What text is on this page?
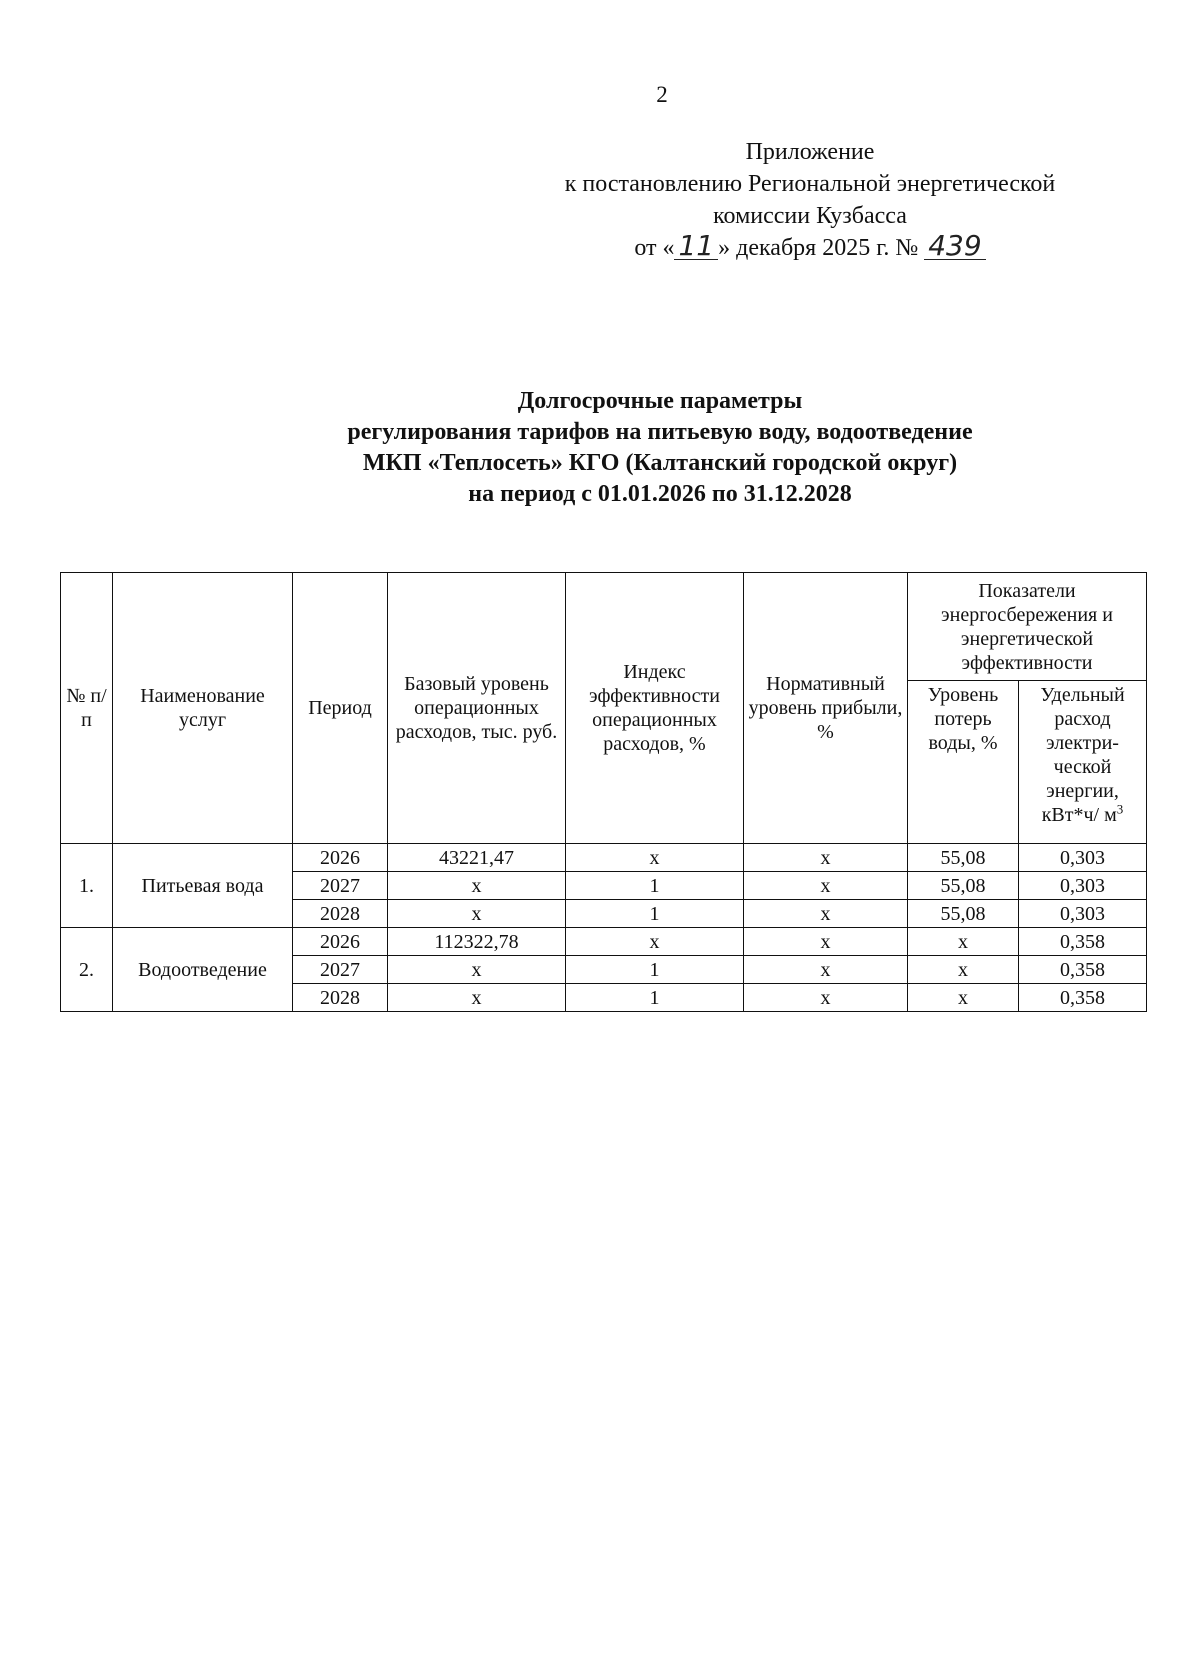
2
Приложение
к постановлению Региональной энергетической
комиссии Кузбасса
от « 11 » декабря 2025 г. № 439
Долгосрочные параметры
регулирования тарифов на питьевую воду, водоотведение
МКП «Теплосеть» КГО (Калтанский городской округ)
на период с 01.01.2026 по 31.12.2028
№ п/п	Наименование услуг	Период	Базовый уровень операционных расходов, тыс. руб.	Индекс эффективности операционных расходов, %	Нормативный уровень прибыли, %	Показатели энергосбережения и энергетической эффективности	
						Уровень потерь воды, %	Удельный расход электри-ческой энергии, кВт*ч/ $м^3$
1.	Питьевая вода	2026	43221,47	х	х	55,08	0,303
		2027	х	1	х	55,08	0,303
		2028	х	1	х	55,08	0,303
2.	Водоотведение	2026	112322,78	х	х	х	0,358
		2027	х	1	х	х	0,358
		2028	х	1	х	х	0,358
